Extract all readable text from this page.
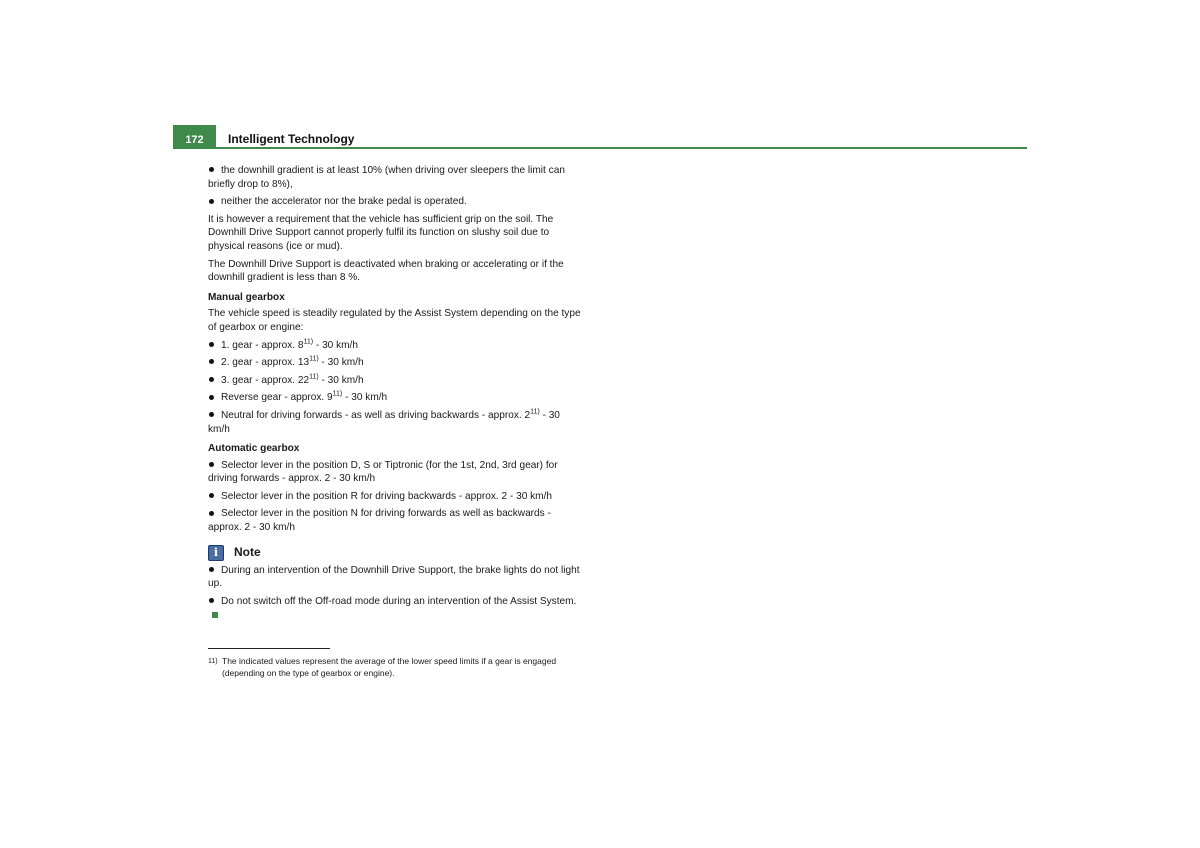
172	Intelligent Technology
the downhill gradient is at least 10% (when driving over sleepers the limit can briefly drop to 8%),
neither the accelerator nor the brake pedal is operated.

It is however a requirement that the vehicle has sufficient grip on the soil. The Downhill Drive Support cannot properly fulfil its function on slushy soil due to physical reasons (ice or mud).

The Downhill Drive Support is deactivated when braking or accelerating or if the downhill gradient is less than 8 %.

Manual gearbox

The vehicle speed is steadily regulated by the Assist System depending on the type of gearbox or engine:

1. gear - approx. 8$^{11)}$ - 30 km/h
2. gear - approx. 13$^{11)}$ - 30 km/h
3. gear - approx. 22$^{11)}$ - 30 km/h
Reverse gear - approx. 9$^{11)}$ - 30 km/h
Neutral for driving forwards - as well as driving backwards - approx. 2$^{11)}$ - 30 km/h
Automatic gearbox
Selector lever in the position D, S or Tiptronic (for the 1st, 2nd, 3rd gear) for driving forwards - approx. 2 - 30 km/h
Selector lever in the position R for driving backwards - approx. 2 - 30 km/h
Selector lever in the position N for driving forwards as well as backwards - approx. 2 - 30 km/h
i	Note
During an intervention of the Downhill Drive Support, the brake lights do not light up.
Do not switch off the Off-road mode during an intervention of the Assist System.
11) The indicated values represent the average of the lower speed limits if a gear is engaged (depending on the type of gearbox or engine).
